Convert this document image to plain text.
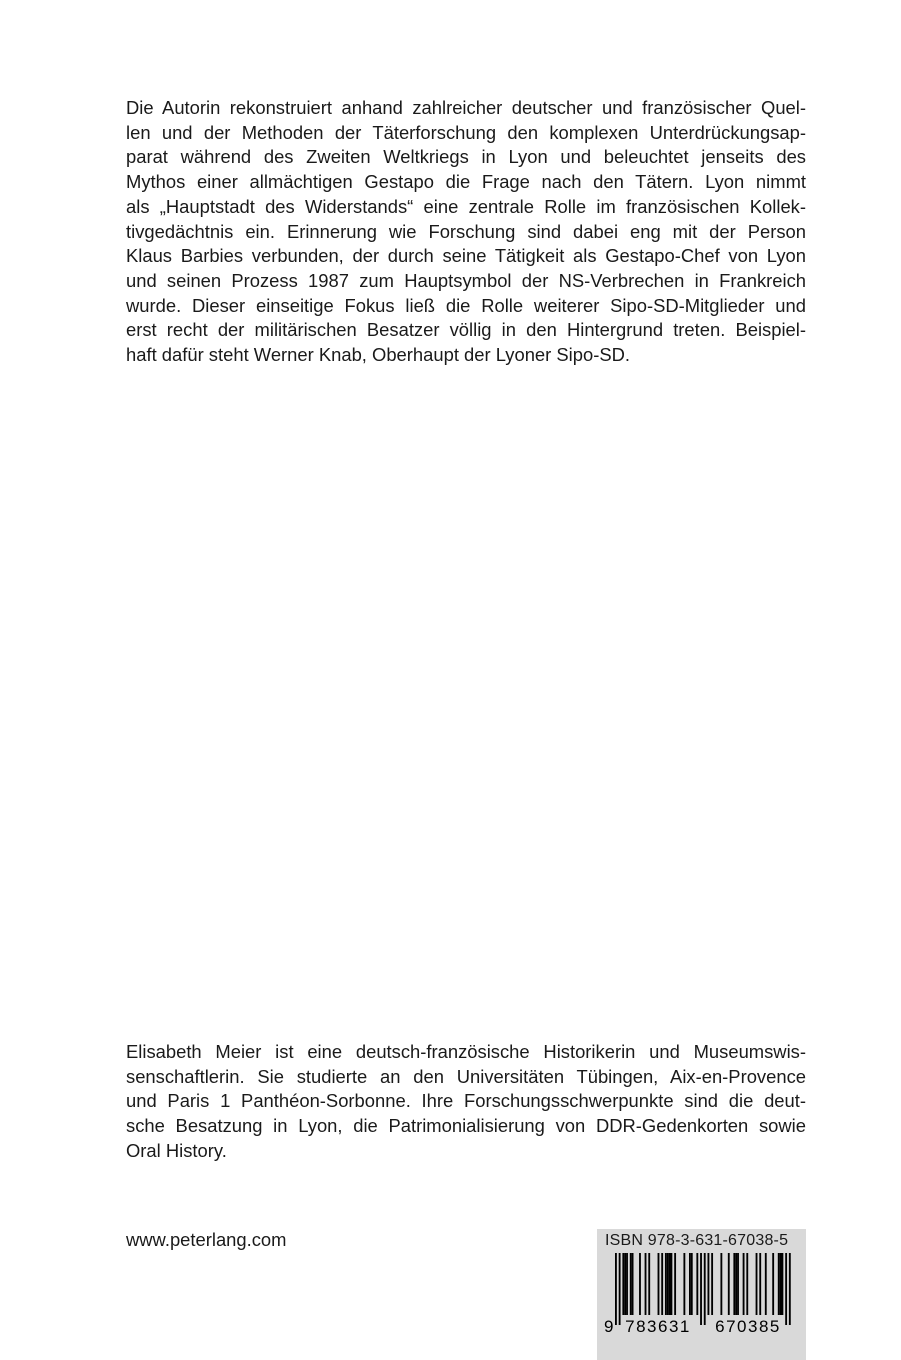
Die Autorin rekonstruiert anhand zahlreicher deutscher und französischer Quel-
len und der Methoden der Täterforschung den komplexen Unterdrückungsap-
parat während des Zweiten Weltkriegs in Lyon und beleuchtet jenseits des
Mythos einer allmächtigen Gestapo die Frage nach den Tätern. Lyon nimmt
als „Hauptstadt des Widerstands“ eine zentrale Rolle im französischen Kollek-
tivgedächtnis ein. Erinnerung wie Forschung sind dabei eng mit der Person
Klaus Barbies verbunden, der durch seine Tätigkeit als Gestapo-Chef von Lyon
und seinen Prozess 1987 zum Hauptsymbol der NS-Verbrechen in Frankreich
wurde. Dieser einseitige Fokus ließ die Rolle weiterer Sipo-SD-Mitglieder und
erst recht der militärischen Besatzer völlig in den Hintergrund treten. Beispiel-
haft dafür steht Werner Knab, Oberhaupt der Lyoner Sipo-SD.
Elisabeth Meier ist eine deutsch-französische Historikerin und Museumswis-
senschaftlerin. Sie studierte an den Universitäten Tübingen, Aix-en-Provence
und Paris 1 Panthéon-Sorbonne. Ihre Forschungsschwerpunkte sind die deut-
sche Besatzung in Lyon, die Patrimonialisierung von DDR-Gedenkorten sowie
Oral History.
www.peterlang.com	ISBN 978-3-631-67038-5
9 783631 670385
